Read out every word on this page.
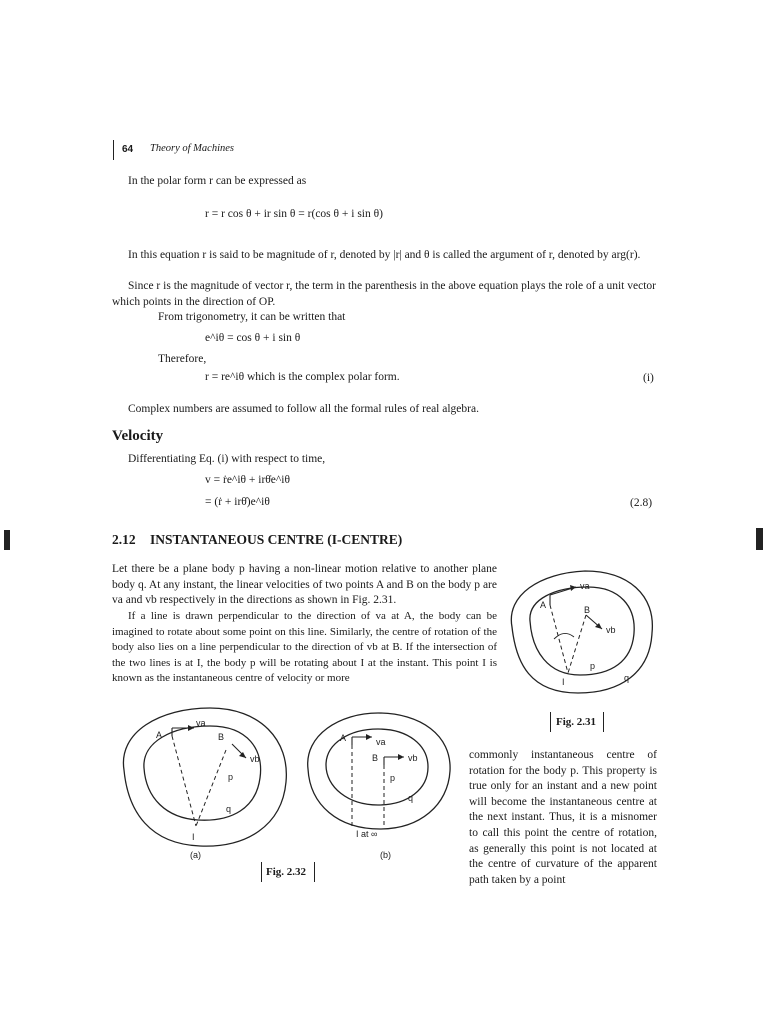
64 Theory of Machines
In the polar form r can be expressed as
r = r cos θ + ir sin θ = r(cos θ + i sin θ)
In this equation r is said to be magnitude of r, denoted by |r| and θ is called the argument of r, denoted by arg(r).
Since r is the magnitude of vector r, the term in the parenthesis in the above equation plays the role of a unit vector which points in the direction of OP.
From trigonometry, it can be written that
e^iθ = cos θ + i sin θ
Therefore,
r = re^iθ which is the complex polar form.	(i)
Complex numbers are assumed to follow all the formal rules of real algebra.
Velocity
Differentiating Eq. (i) with respect to time,
v = ṙe^iθ + irθ̇e^iθ
= (ṙ + irθ̇)e^iθ	(2.8)
2.12 INSTANTANEOUS CENTRE (I-CENTRE)
Let there be a plane body p having a non-linear motion relative to another plane body q. At any instant, the linear velocities of two points A and B on the body p are va and vb respectively in the directions as shown in Fig. 2.31.
If a line is drawn perpendicular to the direction of va at A, the body can be imagined to rotate about some point on this line. Similarly, the centre of rotation of the body also lies on a line perpendicular to the direction of vb at B. If the intersection of the two lines is at I, the body p will be rotating about I at the instant. This point I is known as the instantaneous centre of velocity or more
commonly instantaneous centre of rotation for the body p. This property is true only for an instant and a new point will become the instantaneous centre at the next instant. Thus, it is a misnomer to call this point the centre of rotation, as generally this point is not located at the centre of curvature of the apparent path taken by a point
A	B
va
vb
p
q
I
Fig. 2.31
A	B
va
vb
p
q
I
(a)
A
B
va
vb
p
q
I at ∞
(b)
Fig. 2.32
